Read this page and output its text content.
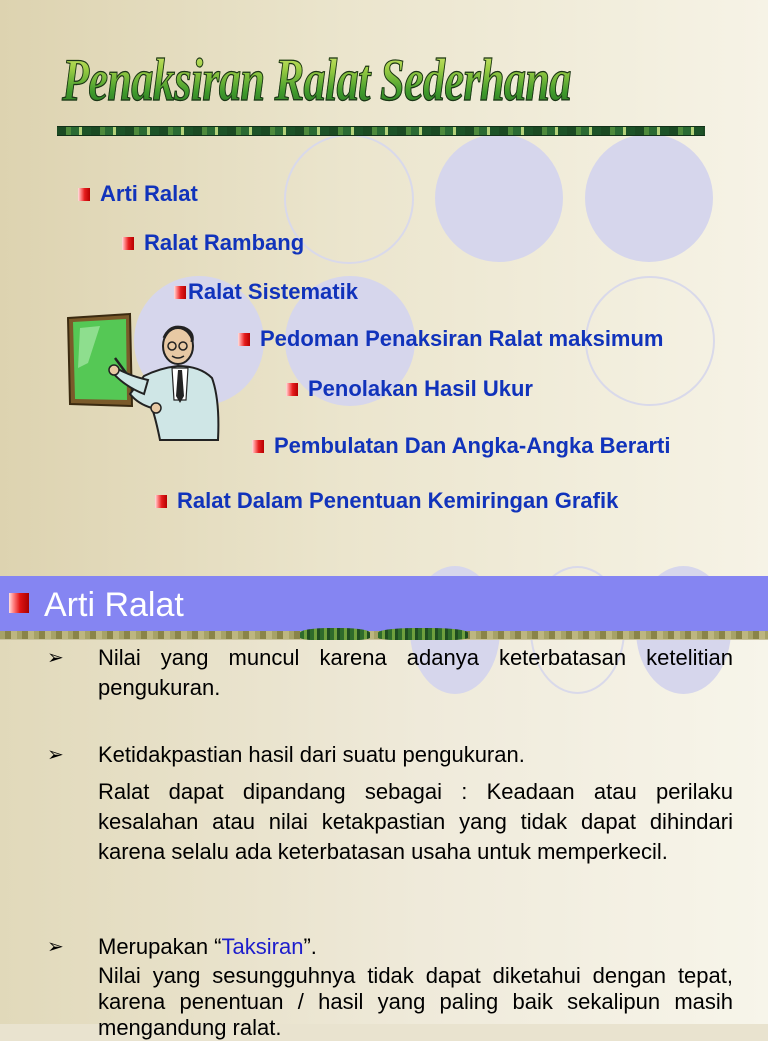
Penaksiran Ralat Sederhana
Arti Ralat
Ralat Rambang
Ralat Sistematik
Pedoman Penaksiran Ralat maksimum
Penolakan Hasil Ukur
Pembulatan Dan Angka-Angka Berarti
Ralat Dalam Penentuan Kemiringan Grafik
Arti Ralat
➢ Nilai yang muncul karena adanya keterbatasan ketelitian pengukuran.

➢ Ketidakpastian hasil dari suatu pengukuran.

Ralat dapat dipandang sebagai : Keadaan atau perilaku kesalahan atau nilai ketakpastian yang tidak dapat dihindari karena selalu ada keterbatasan usaha untuk memperkecil.

➢ Merupakan “Taksiran”.

Nilai yang sesungguhnya tidak dapat diketahui dengan tepat, karena penentuan / hasil yang paling baik sekalipun masih mengandung ralat.
